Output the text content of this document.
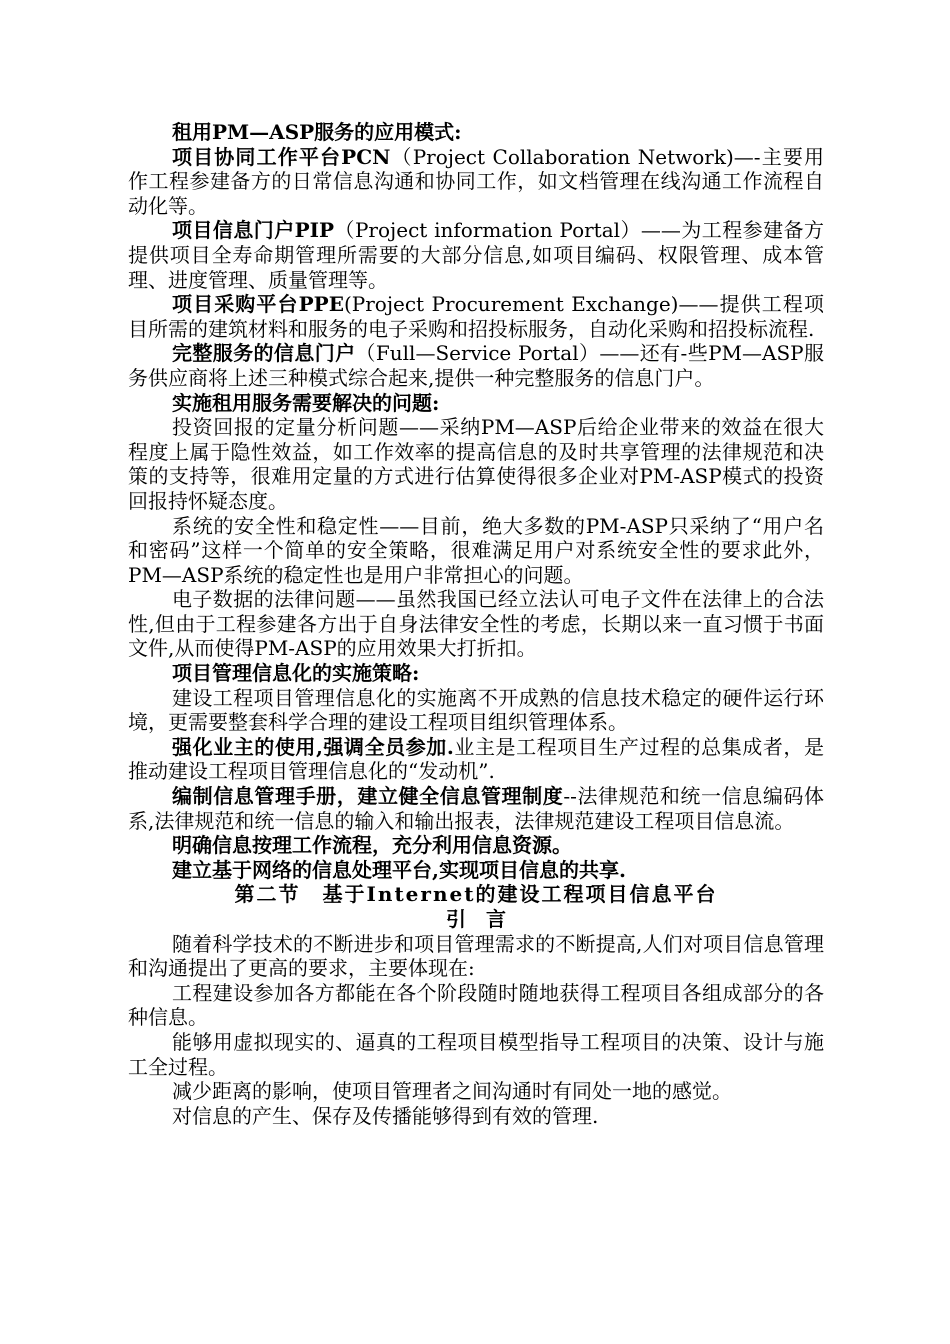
租用PM—ASP服务的应用模式:

项目协同工作平台PCN（Project Collaboration Network)—-主要用作工程参建备方的日常信息沟通和协同工作，如文档管理在线沟通工作流程自动化等。

项目信息门户PIP（Project information Portal）——为工程参建备方提供项目全寿命期管理所需要的大部分信息,如项目编码、权限管理、成本管理、进度管理、质量管理等。

项目采购平台PPE(Project Procurement Exchange)——提供工程项目所需的建筑材料和服务的电子采购和招投标服务，自动化采购和招投标流程.

完整服务的信息门户（Full—Service Portal）——还有-些PM—ASP服务供应商将上述三种模式综合起来,提供一种完整服务的信息门户。

实施租用服务需要解决的问题:

投资回报的定量分析问题——采纳PM—ASP后给企业带来的效益在很大程度上属于隐性效益，如工作效率的提高信息的及时共享管理的法律规范和决策的支持等，很难用定量的方式进行估算使得很多企业对PM-ASP模式的投资回报持怀疑态度。

系统的安全性和稳定性——目前，绝大多数的PM-ASP只采纳了“用户名和密码”这样一个简单的安全策略，很难满足用户对系统安全性的要求此外，PM—ASP系统的稳定性也是用户非常担心的问题。

电子数据的法律问题——虽然我国已经立法认可电子文件在法律上的合法性,但由于工程参建各方出于自身法律安全性的考虑，长期以来一直习惯于书面文件,从而使得PM-ASP的应用效果大打折扣。

项目管理信息化的实施策略:

建设工程项目管理信息化的实施离不开成熟的信息技术稳定的硬件运行环境，更需要整套科学合理的建设工程项目组织管理体系。

强化业主的使用,强调全员参加.业主是工程项目生产过程的总集成者，是推动建设工程项目管理信息化的“发动机”.

编制信息管理手册，建立健全信息管理制度--法律规范和统一信息编码体系,法律规范和统一信息的输入和输出报表，法律规范建设工程项目信息流。

明确信息按理工作流程，充分利用信息资源。

建立基于网络的信息处理平台,实现项目信息的共享.

第二节　基于Internet的建设工程项目信息平台

引　言

随着科学技术的不断进步和项目管理需求的不断提高,人们对项目信息管理和沟通提出了更高的要求，主要体现在:

工程建设参加各方都能在各个阶段随时随地获得工程项目各组成部分的各种信息。

能够用虚拟现实的、逼真的工程项目模型指导工程项目的决策、设计与施工全过程。

减少距离的影响，使项目管理者之间沟通时有同处一地的感觉。

对信息的产生、保存及传播能够得到有效的管理.
